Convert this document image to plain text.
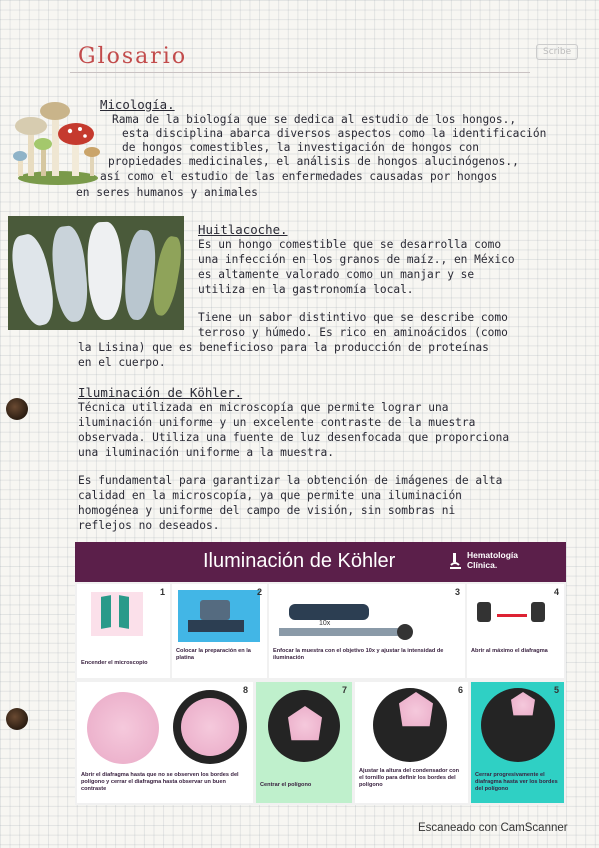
Glosario	Scribe
Micología.
Rama de la biología que se dedica al estudio de los hongos.,
esta disciplina abarca diversos aspectos como la identificación
de hongos comestibles, la investigación de hongos con
propiedades medicinales, el análisis de hongos alucinógenos.,
así como el estudio de las enfermedades causadas por hongos
en seres humanos y animales
Huitlacoche.
Es un hongo comestible que se desarrolla como
una infección en los granos de maíz., en México
es altamente valorado como un manjar y se
utiliza en la gastronomía local.
Tiene un sabor distintivo que se describe como
terroso y húmedo. Es rico en aminoácidos (como
la Lisina) que es beneficioso para la producción de proteínas
en el cuerpo.
Iluminación de Köhler.
Técnica utilizada en microscopía que permite lograr una
iluminación uniforme y un excelente contraste de la muestra
observada. Utiliza una fuente de luz desenfocada que proporciona
una iluminación uniforme a la muestra.
Es fundamental para garantizar la obtención de imágenes de alta
calidad en la microscopía, ya que permite una iluminación
homogénea y uniforme del campo de visión, sin sombras ni
reflejos no deseados.
Iluminación de Köhler	Hematología
Clínica.
1
Encender el microscopio
2
Colocar la preparación en la platina
10x
3
Enfocar la muestra con el objetivo 10x y ajustar la intensidad de iluminación
4
Abrir al máximo el diafragma
8
Abrir el diafragma hasta que no se observen los bordes del polígono y cerrar el diafragma hasta observar un buen contraste
7
Centrar el polígono
6
Ajustar la altura del condensador con el tornillo para definir los bordes del polígono
5
Cerrar progresivamente el diafragma hasta ver los bordes del polígono
Escaneado con CamScanner
